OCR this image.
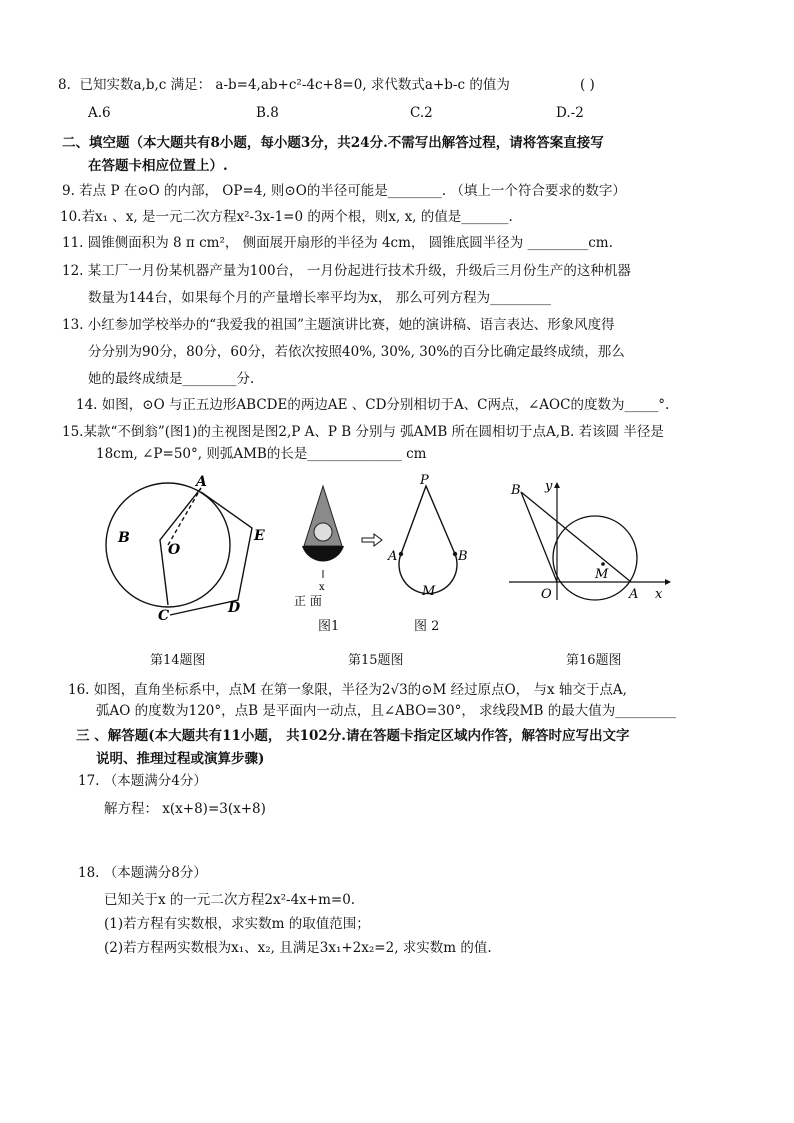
8. 已知实数a,b,c 满足： a-b=4,ab+c²-4c+8=0, 求代数式a+b-c 的值为	( )
A.6	B.8	C.2	D.-2
二、填空题（本大题共有8小题，每小题3分，共24分.不需写出解答过程，请将答案直接写
在答题卡相应位置上）.
9. 若点 P 在⊙O 的内部， OP=4, 则⊙O的半径可能是________. （填上一个符合要求的数字）
10.若x₁ 、x, 是一元二次方程x²-3x-1=0 的两个根，则x, x, 的值是_______.
11. 圆锥侧面积为 8 π cm²， 侧面展开扇形的半径为 4cm， 圆锥底圆半径为 _________cm.
12. 某工厂一月份某机器产量为100台， 一月份起进行技术升级，升级后三月份生产的这种机器
数量为144台，如果每个月的产量增长率平均为x， 那么可列方程为_________
13. 小红参加学校举办的“我爱我的祖国”主题演讲比赛，她的演讲稿、语言表达、形象风度得
分分别为90分，80分，60分，若依次按照40%, 30%, 30%的百分比确定最终成绩，那么
她的最终成绩是________分.
14. 如图，⊙O 与正五边形ABCDE的两边AE 、CD分别相切于A、C两点，∠AOC的度数为_____°.
15.某款“不倒翁”(图1)的主视图是图2,P A、P B 分别与 弧AMB 所在圆相切于点A,B. 若该圆 半径是
18cm, ∠P=50°, 则弧AMB的长是______________ cm
A
B
O
E
C	D
x
正 面
P
A	B
M
图1	图 2
B y
M
O	A x
第14题图	第15题图	第16题图
16. 如图，直角坐标系中，点M 在第一象限，半径为2√3的⊙M 经过原点O， 与x 轴交于点A,
弧AO 的度数为120°，点B 是平面内一动点，且∠ABO=30°， 求线段MB 的最大值为_________
三 、解答题(本大题共有11小题， 共102分.请在答题卡指定区域内作答，解答时应写出文字
说明、推理过程或演算步骤)
17. （本题满分4分）
解方程： x(x+8)=3(x+8)
18. （本题满分8分）
已知关于x 的一元二次方程2x²-4x+m=0.
(1)若方程有实数根，求实数m 的取值范围；
(2)若方程两实数根为x₁、x₂, 且满足3x₁+2x₂=2, 求实数m 的值.
